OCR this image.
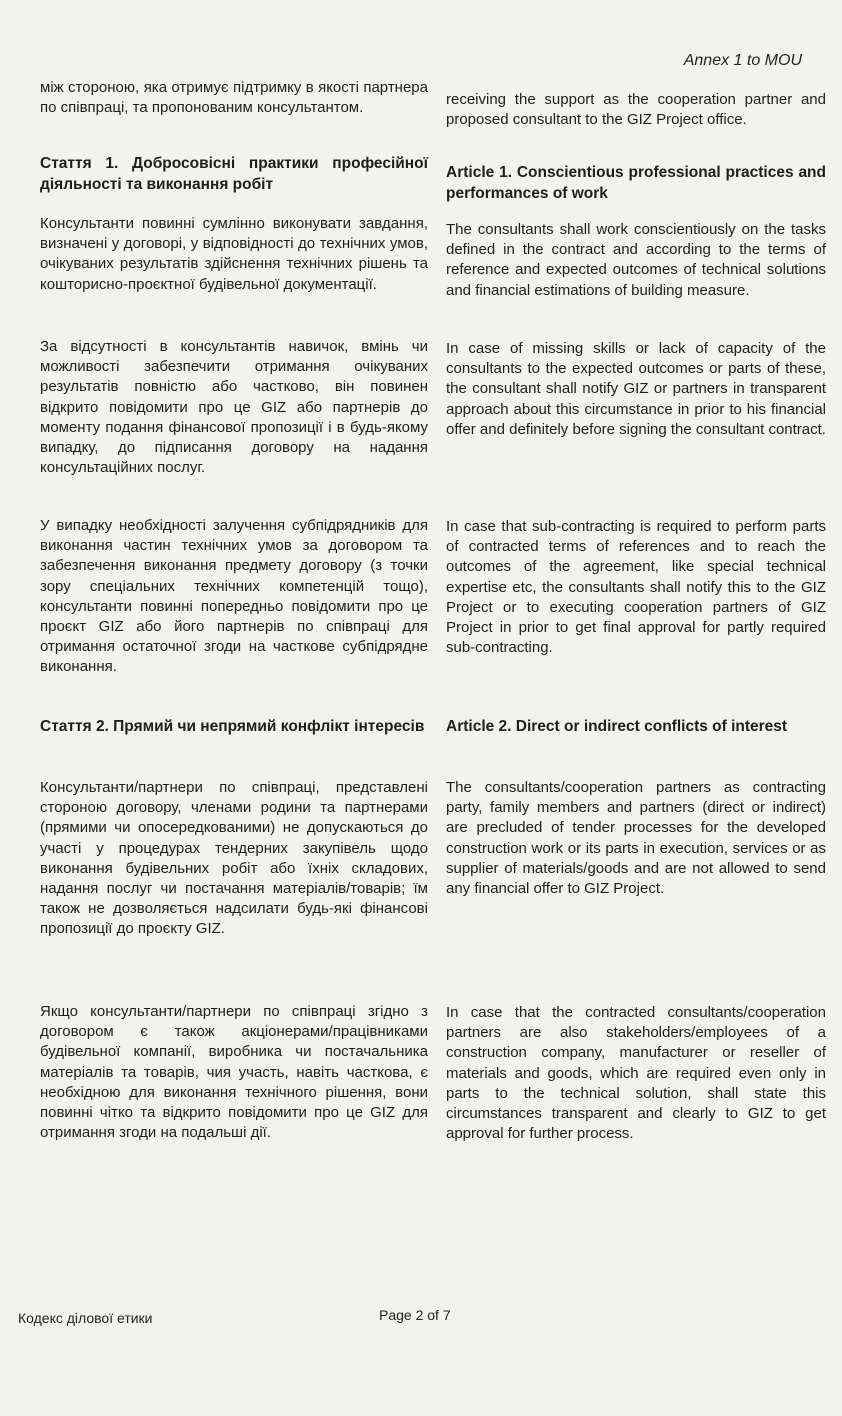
Annex 1 to MOU

між стороною, яка отримує підтримку в якості партнера по співпраці, та пропонованим консультантом.

Стаття 1. Добросовісні практики професійної діяльності та виконання робіт

Консультанти повинні сумлінно виконувати завдання, визначені у договорі, у відповідності до технічних умов, очікуваних результатів здійснення технічних рішень та кошторисно-проєктної будівельної документації.

За відсутності в консультантів навичок, вмінь чи можливості забезпечити отримання очікуваних результатів повністю або частково, він повинен відкрито повідомити про це GIZ або партнерів до моменту подання фінансової пропозиції і в будь-якому випадку, до підписання договору на надання консультаційних послуг.

У випадку необхідності залучення субпідрядників для виконання частин технічних умов за договором та забезпечення виконання предмету договору (з точки зору спеціальних технічних компетенцій тощо), консультанти повинні попередньо повідомити про це проєкт GIZ або його партнерів по співпраці для отримання остаточної згоди на часткове субпідрядне виконання.

Стаття 2. Прямий чи непрямий конфлікт інтересів

Консультанти/партнери по співпраці, представлені стороною договору, членами родини та партнерами (прямими чи опосередкованими) не допускаються до участі у процедурах тендерних закупівель щодо виконання будівельних робіт або їхніх складових, надання послуг чи постачання матеріалів/товарів; їм також не дозволяється надсилати будь-які фінансові пропозиції до проєкту GIZ.

Якщо консультанти/партнери по співпраці згідно з договором є також акціонерами/працівниками будівельної компанії, виробника чи постачальника матеріалів та товарів, чия участь, навіть часткова, є необхідною для виконання технічного рішення, вони повинні чітко та відкрито повідомити про це GIZ для отримання згоди на подальші дії.

receiving the support as the cooperation partner and proposed consultant to the GIZ Project office.

Article 1. Conscientious professional practices and performances of work

The consultants shall work conscientiously on the tasks defined in the contract and according to the terms of reference and expected outcomes of technical solutions and financial estimations of building measure.

In case of missing skills or lack of capacity of the consultants to the expected outcomes or parts of these, the consultant shall notify GIZ or partners in transparent approach about this circumstance in prior to his financial offer and definitely before signing the consultant contract.

In case that sub-contracting is required to perform parts of contracted terms of references and to reach the outcomes of the agreement, like special technical expertise etc, the consultants shall notify this to the GIZ Project or to executing cooperation partners of GIZ Project in prior to get final approval for partly required sub-contracting.

Article 2. Direct or indirect conflicts of interest

The consultants/cooperation partners as contracting party, family members and partners (direct or indirect) are precluded of tender processes for the developed construction work or its parts in execution, services or as supplier of materials/goods and are not allowed to send any financial offer to GIZ Project.

In case that the contracted consultants/cooperation partners are also stakeholders/employees of a construction company, manufacturer or reseller of materials and goods, which are required even only in parts to the technical solution, shall state this circumstances transparent and clearly to GIZ to get approval for further process.

Кодекс ділової етики	Page 2 of 7
